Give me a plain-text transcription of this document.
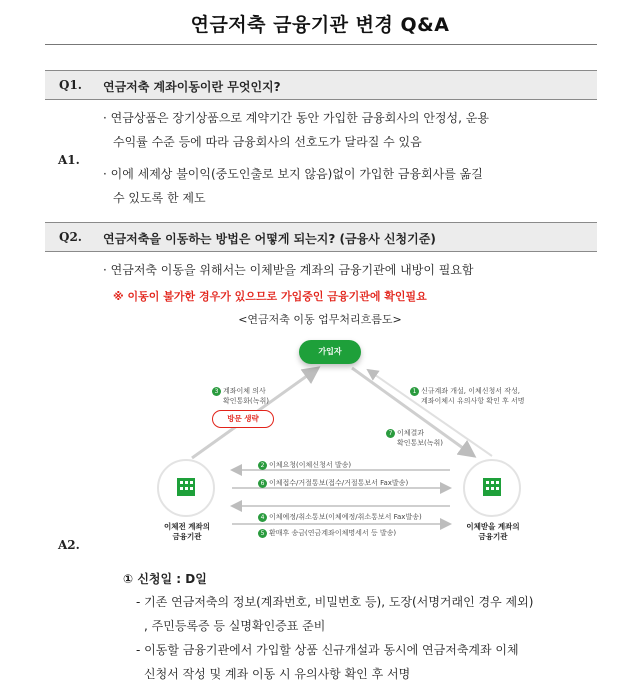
연금저축 금융기관 변경 Q&A
Q1. 연금저축 계좌이동이란 무엇인지?
A1.
· 연금상품은 장기상품으로 계약기간 동안 가입한 금융회사의 안정성, 운용
수익률 수준 등에 따라 금융회사의 선호도가 달라질 수 있음
· 이에 세제상 불이익(중도인출로 보지 않음)없이 가입한 금융회사를 옮길
수 있도록 한 제도
Q2. 연금저축을 이동하는 방법은 어떻게 되는지? (금융사 신청기준)
· 연금저축 이동을 위해서는 이체받을 계좌의 금융기관에 내방이 필요함
※ 이동이 불가한 경우가 있으므로 가입중인 금융기관에 확인필요
<연금저축 이동 업무처리흐름도>
A2.
가입자
방문 생략
이체전 계좌의
금융기관
이체받을 계좌의
금융기관
3 계좌이체 의사
확인통화(녹취)
1 신규계좌 개설, 이체신청서 작성,
계좌이체시 유의사항 확인 후 서명
7 이체결과
확인통보(녹취)
2 이체요청(이체신청서 발송)
6 이체접수/거절통보(접수/거절통보서 Fax발송)
4 이체예정/취소통보(이체예정/취소통보서 Fax발송)
5 환매후 송금(연금계좌이체명세서 등 발송)
① 신청일 : D일
- 기존 연금저축의 정보(계좌번호, 비밀번호 등), 도장(서명거래인 경우 제외)
, 주민등록증 등 실명확인증표 준비
- 이동할 금융기관에서 가입할 상품 신규개설과 동시에 연금저축계좌 이체
신청서 작성 및 계좌 이동 시 유의사항 확인 후 서명
